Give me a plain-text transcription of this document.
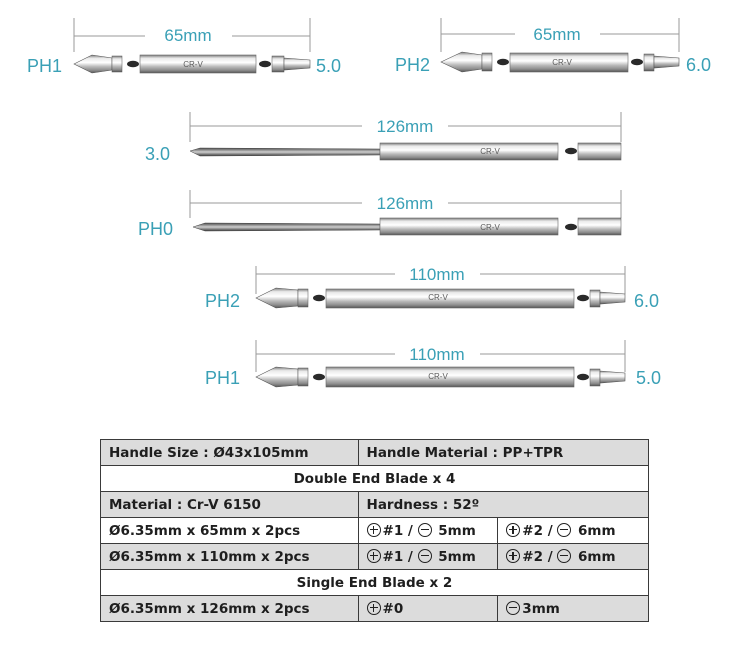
65mm
CR-V
PH1	5.0
65mm
CR-V
PH2	6.0
126mm
CR-V
3.0
126mm
CR-V
PH0
110mm
CR-V
PH2	6.0
110mm
CR-V
PH1	5.0
Handle Size : Ø43x105mm	Handle Material : PP+TPR	
Double End Blade x 4		
Material : Cr-V 6150	Hardness : 52º	
Ø6.35mm x 65mm x 2pcs	#1 /  5mm	#2 /  6mm
Ø6.35mm x 110mm x 2pcs	#1 /  5mm	#2 /  6mm
Single End Blade x 2		
Ø6.35mm x 126mm x 2pcs	#0	3mm
